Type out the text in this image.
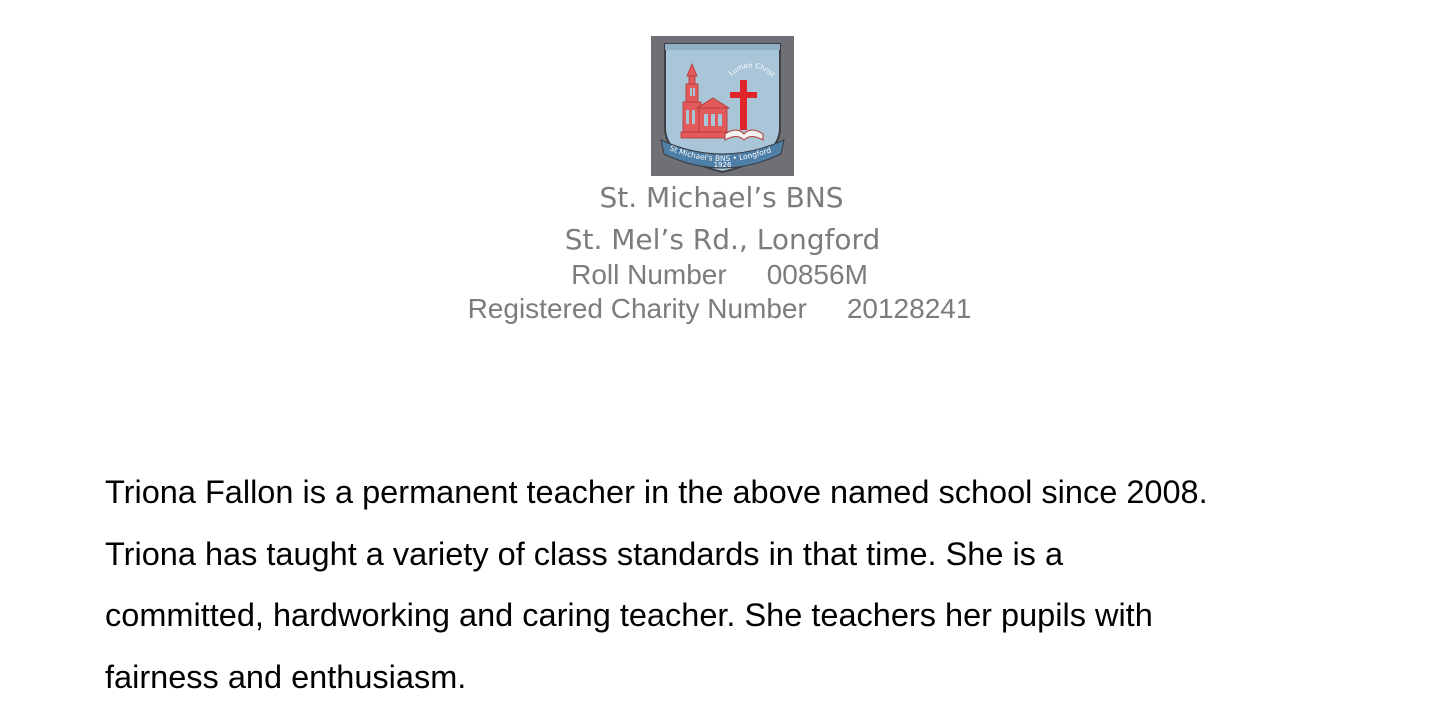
Lumen Christ
St Michael's BNS • Longford
1926
St. Michael’s BNS
St. Mel’s Rd., Longford
Roll Number 00856M
Registered Charity Number 20128241
Triona Fallon is a permanent teacher in the above named school since 2008.
Triona has taught a variety of class standards in that time. She is a
committed, hardworking and caring teacher. She teachers her pupils with
fairness and enthusiasm.
